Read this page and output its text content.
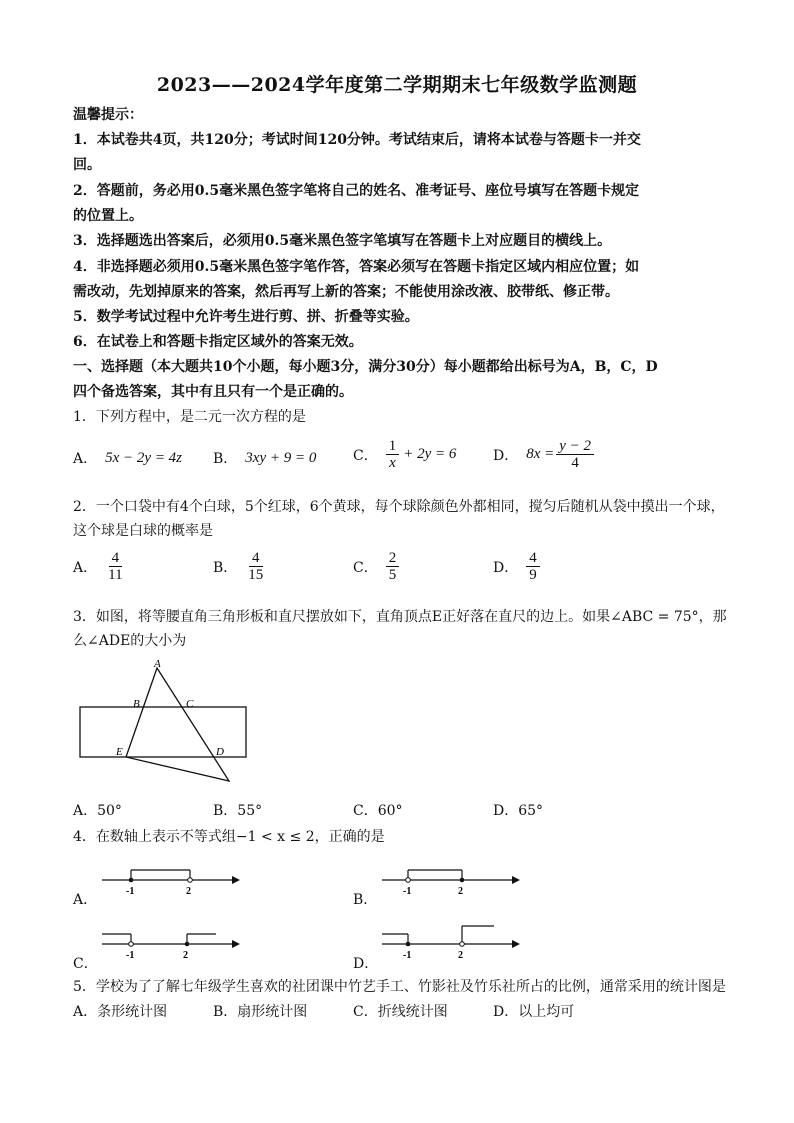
2023——2024学年度第二学期期末七年级数学监测题
温馨提示：
1．本试卷共4页，共120分；考试时间120分钟。考试结束后，请将本试卷与答题卡一并交
回。
2．答题前，务必用0.5毫米黑色签字笔将自己的姓名、准考证号、座位号填写在答题卡规定
的位置上。
3．选择题选出答案后，必须用0.5毫米黑色签字笔填写在答题卡上对应题目的横线上。
4．非选择题必须用0.5毫米黑色签字笔作答，答案必须写在答题卡指定区域内相应位置；如
需改动，先划掉原来的答案，然后再写上新的答案；不能使用涂改液、胶带纸、修正带。
5．数学考试过程中允许考生进行剪、拼、折叠等实验。
6．在试卷上和答题卡指定区域外的答案无效。
一、选择题（本大题共10个小题，每小题3分，满分30分）每小题都给出标号为A，B，C，D
四个备选答案，其中有且只有一个是正确的。
1．下列方程中，是二元一次方程的是
A． 5x − 2y = 4z B． 3xy + 9 = 0	C． $\frac{1}{x} + 2y = 6$	D． $8x = \frac{y - 2}{4}$
2．一个口袋中有4个白球，5个红球，6个黄球，每个球除颜色外都相同，搅匀后随机从袋中摸出一个球，
这个球是白球的概率是
A． $\frac{4}{11}$	B． $\frac{4}{15}$	C． $\frac{2}{5}$	D． $\frac{4}{9}$
3．如图，将等腰直角三角形板和直尺摆放如下，直角顶点E正好落在直尺的边上。如果∠ABC = 75°，那
么∠ADE的大小为
A
B	C
D
E
A．50°	B．55°	C．60°	D．65°
4．在数轴上表示不等式组−1 < x ≤ 2，正确的是
A．
-1	2
B．
-1	2
C．
-1	2
D．
-1	2
5．学校为了了解七年级学生喜欢的社团课中竹艺手工、竹影社及竹乐社所占的比例，通常采用的统计图是
A．条形统计图	B．扇形统计图	C．折线统计图	D．以上均可
